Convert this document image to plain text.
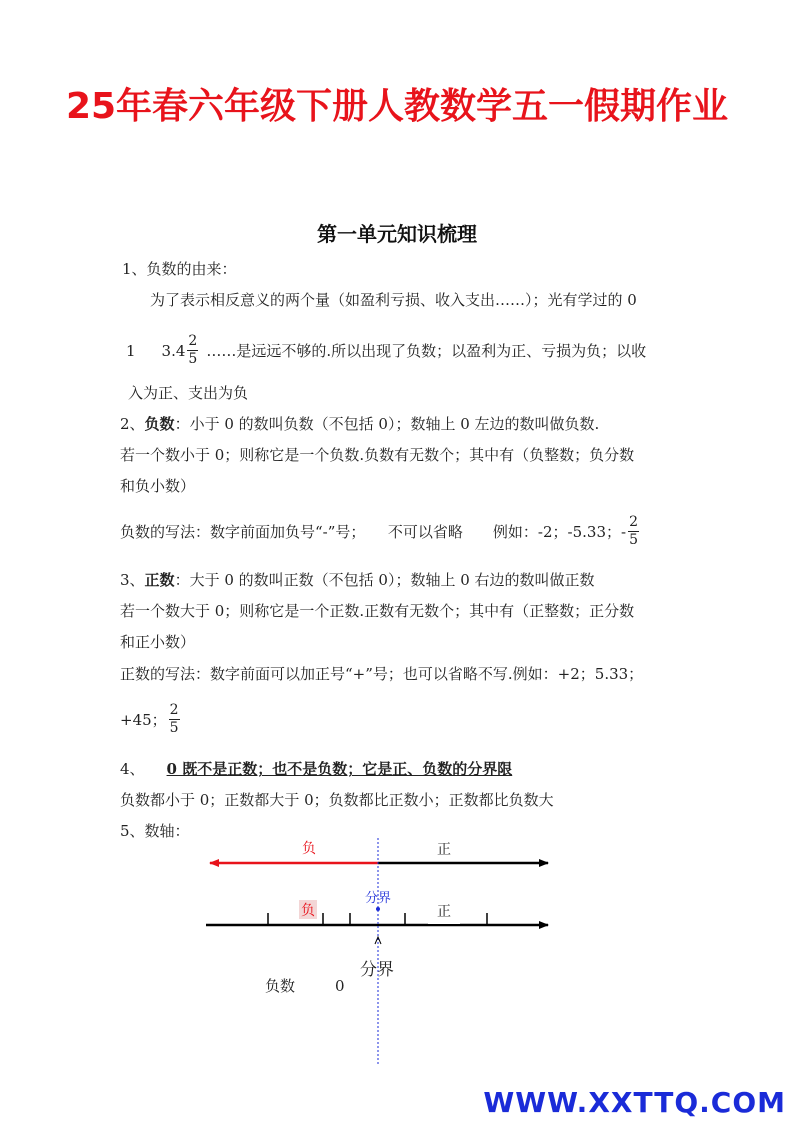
25年春六年级下册人教数学五一假期作业
第一单元知识梳理
1、负数的由来：
为了表示相反意义的两个量（如盈利亏损、收入支出……）；光有学过的 0
1 $3.4 \frac{2}{5}$ ……是远远不够的.所以出现了负数；以盈利为正、亏损为负；以收
入为正、支出为负
2、负数：小于 0 的数叫负数（不包括 0）；数轴上 0 左边的数叫做负数.
若一个数小于 0；则称它是一个负数.负数有无数个；其中有（负整数；负分数
和负小数）
负数的写法：数字前面加负号“-”号；　　不可以省略　　例如：-2；-5.33；- $\frac{2}{5}$
3、正数：大于 0 的数叫正数（不包括 0）；数轴上 0 右边的数叫做正数
若一个数大于 0；则称它是一个正数.正数有无数个；其中有（正整数；正分数
和正小数）
正数的写法：数字前面可以加正号“+”号；也可以省略不写.例如：+2；5.33；
+45； $\frac{2}{5}$
4、 0 既不是正数；也不是负数；它是正、负数的分界限
负数都小于 0；正数都大于 0；负数都比正数小；正数都比负数大
5、数轴：
负	正
分界
负	正
分界
负数	0
WWW.XXTTQ.COM
